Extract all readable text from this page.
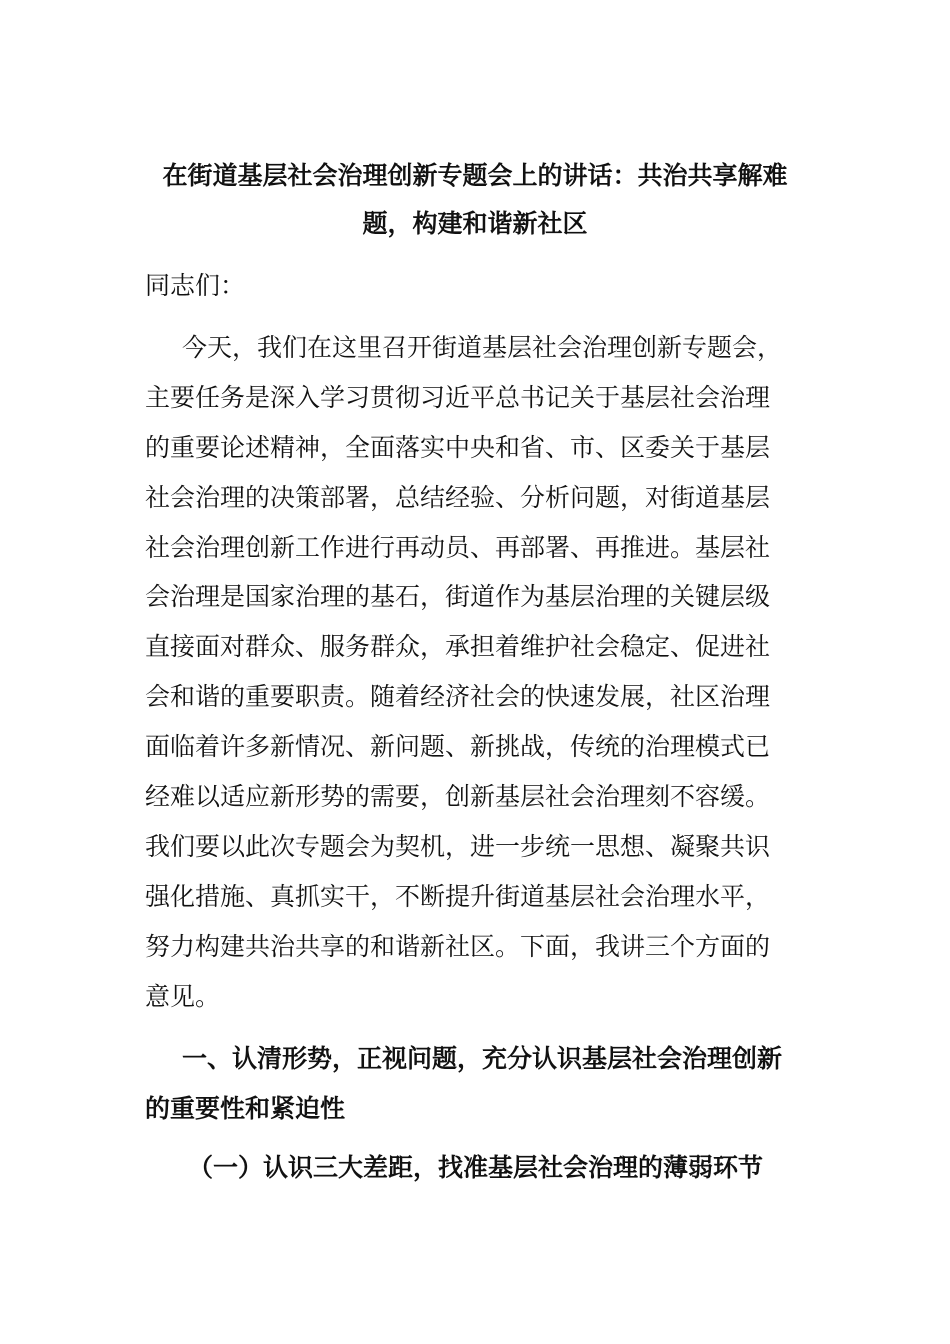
在街道基层社会治理创新专题会上的讲话：共治共享解难
题，构建和谐新社区

同志们：

今天，我们在这里召开街道基层社会治理创新专题会，
主要任务是深入学习贯彻习近平总书记关于基层社会治理
的重要论述精神，全面落实中央和省、市、区委关于基层
社会治理的决策部署，总结经验、分析问题，对街道基层
社会治理创新工作进行再动员、再部署、再推进。基层社
会治理是国家治理的基石，街道作为基层治理的关键层级
直接面对群众、服务群众，承担着维护社会稳定、促进社
会和谐的重要职责。随着经济社会的快速发展，社区治理
面临着许多新情况、新问题、新挑战，传统的治理模式已
经难以适应新形势的需要，创新基层社会治理刻不容缓。
我们要以此次专题会为契机，进一步统一思想、凝聚共识
强化措施、真抓实干，不断提升街道基层社会治理水平，
努力构建共治共享的和谐新社区。下面，我讲三个方面的
意见。
一、认清形势，正视问题，充分认识基层社会治理创新
的重要性和紧迫性
（一）认识三大差距，找准基层社会治理的薄弱环节
